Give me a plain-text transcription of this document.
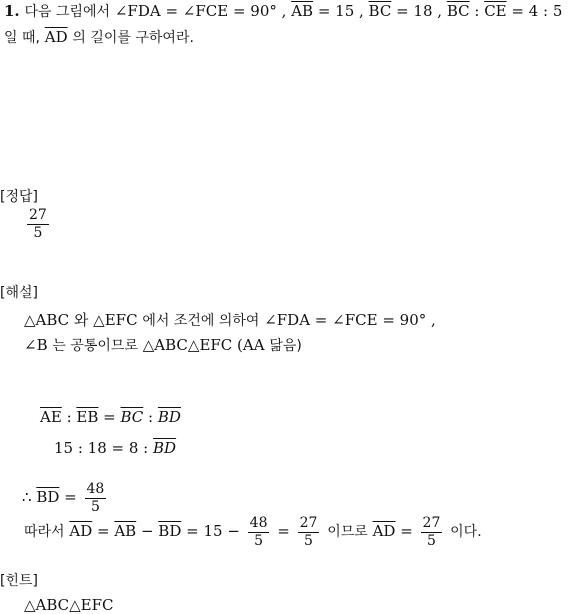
1. 다음 그림에서 ∠FDA = ∠FCE = 90° , $\overline{AB} = 15$ , $\overline{BC} = 18$ , $\overline{BC}$ : $\overline{CE} = 4$ : 5
일 때, $\overline{AD}$ 의 길이를 구하여라.
[정답]
$\frac{27}{5}$
[해설]
△ABC 와 △EFC 에서 조건에 의하여 ∠FDA = ∠FCE = 90° ,
∠B 는 공통이므로 △ABC△EFC (AA 닮음)
$\overline{AE}$ : $\overline{EB} = \overline{BC}$ : $\overline{BD}$
15 : 18 = 8 : $\overline{BD}$
∴ $\overline{BD} = \frac{48}{5}$
따라서 $\overline{AD} = \overline{AB} - \overline{BD} = 15 - \frac{48}{5} = \frac{27}{5}$ 이므로 $\overline{AD} = \frac{27}{5}$ 이다.
[힌트]
△ABC△EFC
